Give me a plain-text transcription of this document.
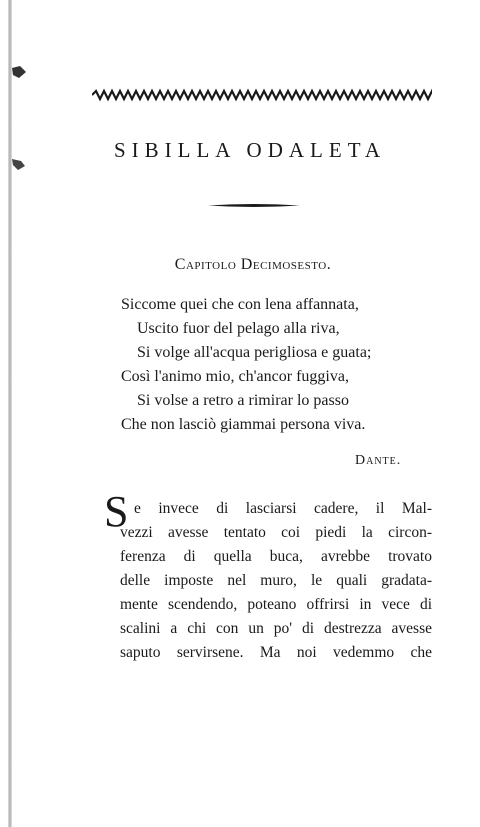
SIBILLA ODALETA
Capitolo Decimosesto.
Siccome quei che con lena affannata,
Uscito fuor del pelago alla riva,
Si volge all'acqua perigliosa e guata;
Così l'animo mio, ch'ancor fuggiva,
Si volse a retro a rimirar lo passo
Che non lasciò giammai persona viva.
Dante.
S e invece di lasciarsi cadere, il Mal-
vezzi avesse tentato coi piedi la circon-
ferenza di quella buca, avrebbe trovato
delle imposte nel muro, le quali gradata-
mente scendendo, poteano offrirsi in vece di
scalini a chi con un po' di destrezza avesse
saputo servirsene. Ma noi vedemmo che
